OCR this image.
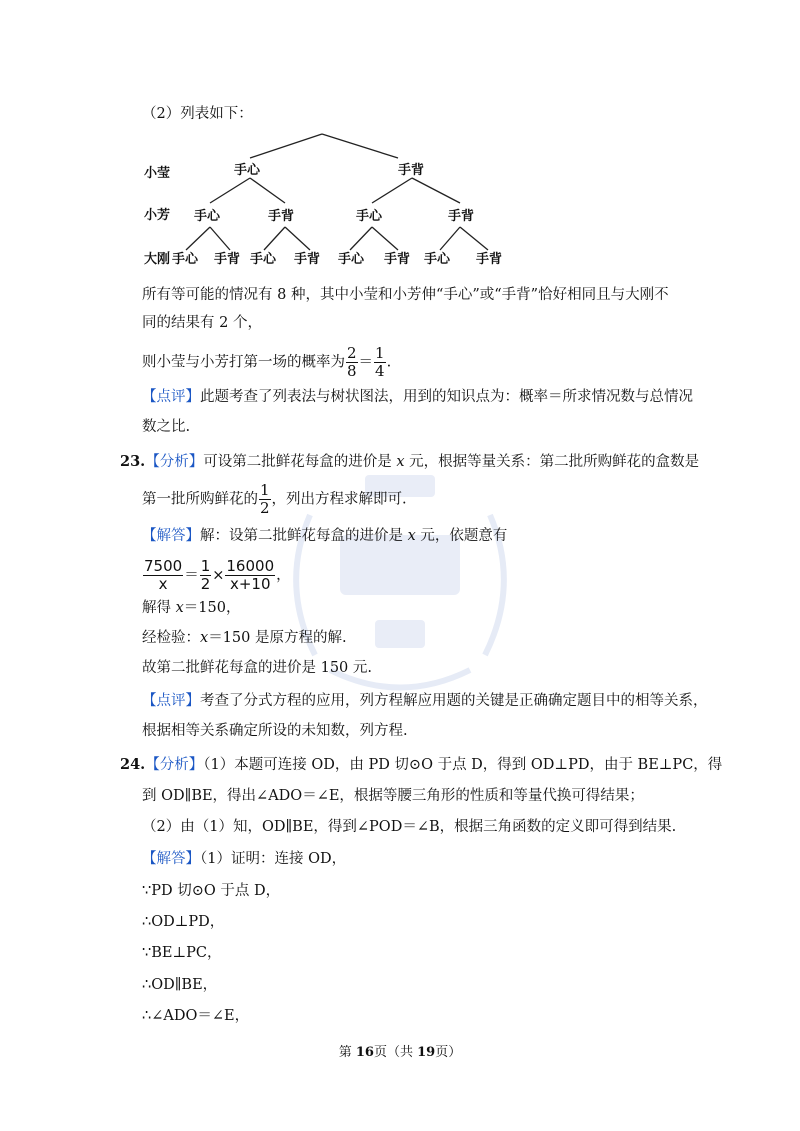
（2）列表如下：
小莹
小芳
大刚
手心	手背
手心	手背	手心	手背
手心 手背 手心 手背 手心 手背 手心 手背
所有等可能的情况有 8 种，其中小莹和小芳伸“手心”或“手背”恰好相同且与大刚不
同的结果有 2 个，
则小莹与小芳打第一场的概率为 $\frac{2}{8} = \frac{1}{4}$ .
【点评】此题考查了列表法与树状图法，用到的知识点为：概率＝所求情况数与总情况
数之比.
23.【分析】可设第二批鲜花每盒的进价是 x 元，根据等量关系：第二批所购鲜花的盒数是
第一批所购鲜花的 $\frac{1}{2}$ ，列出方程求解即可.
【解答】解：设第二批鲜花每盒的进价是 x 元，依题意有
$\frac{7500}{x} = \frac{1}{2} \times \frac{16000}{x+10}$ ，
解得 x＝150，
经检验：x＝150 是原方程的解.
故第二批鲜花每盒的进价是 150 元.
【点评】考查了分式方程的应用，列方程解应用题的关键是正确确定题目中的相等关系，
根据相等关系确定所设的未知数，列方程.
24.【分析】（1）本题可连接 OD，由 PD 切⊙O 于点 D，得到 OD⊥PD，由于 BE⊥PC，得
到 OD∥BE，得出∠ADO＝∠E，根据等腰三角形的性质和等量代换可得结果；
（2）由（1）知，OD∥BE，得到∠POD＝∠B，根据三角函数的定义即可得到结果.
【解答】（1）证明：连接 OD，
∵PD 切⊙O 于点 D，
∴OD⊥PD，
∵BE⊥PC，
∴OD∥BE，
∴∠ADO＝∠E，
第 16页（共 19页）
